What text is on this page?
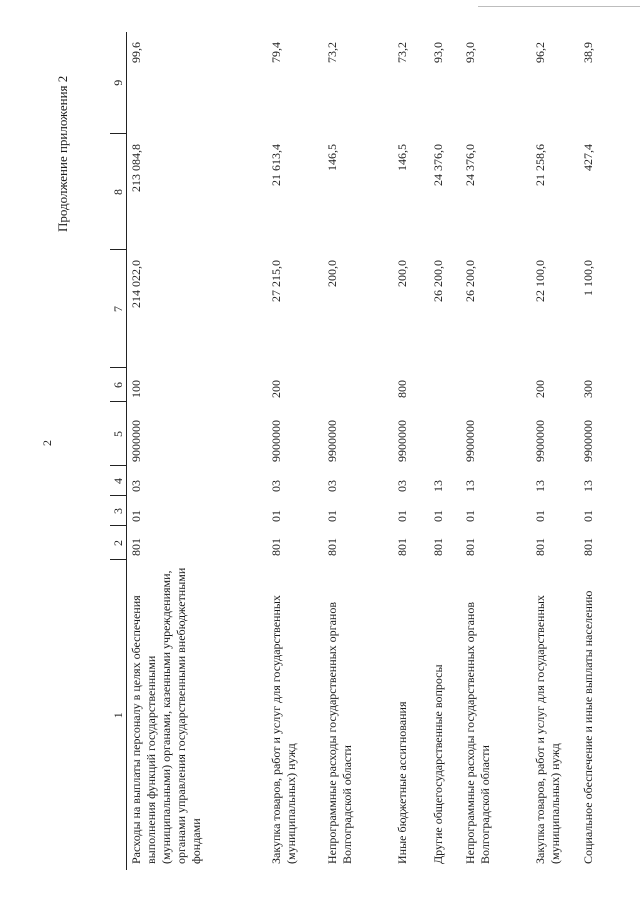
2
Продолжение приложения 2
1	2	3	4	5	6	7	8	9
Расходы на выплаты персоналу в целях обеспечения выполнения функций государственными (муниципальными) органами, казенными учреждениями, органами управления государственными внебюджетными фондами	801	01	03	9000000	100	214 022,0	213 084,8	99,6
Закупка товаров, работ и услуг для государственных (муниципальных) нужд	801	01	03	9000000	200	27 215,0	21 613,4	79,4
Непрограммные расходы государственных органов Волгоградской области	801	01	03	9900000		200,0	146,5	73,2
Иные бюджетные ассигнования	801	01	03	9900000	800	200,0	146,5	73,2
Другие общегосударственные вопросы	801	01	13			26 200,0	24 376,0	93,0
Непрограммные расходы государственных органов Волгоградской области	801	01	13	9900000		26 200,0	24 376,0	93,0
Закупка товаров, работ и услуг для государственных (муниципальных) нужд	801	01	13	9900000	200	22 100,0	21 258,6	96,2
Социальное обеспечение и иные выплаты населению	801	01	13	9900000	300	1 100,0	427,4	38,9
